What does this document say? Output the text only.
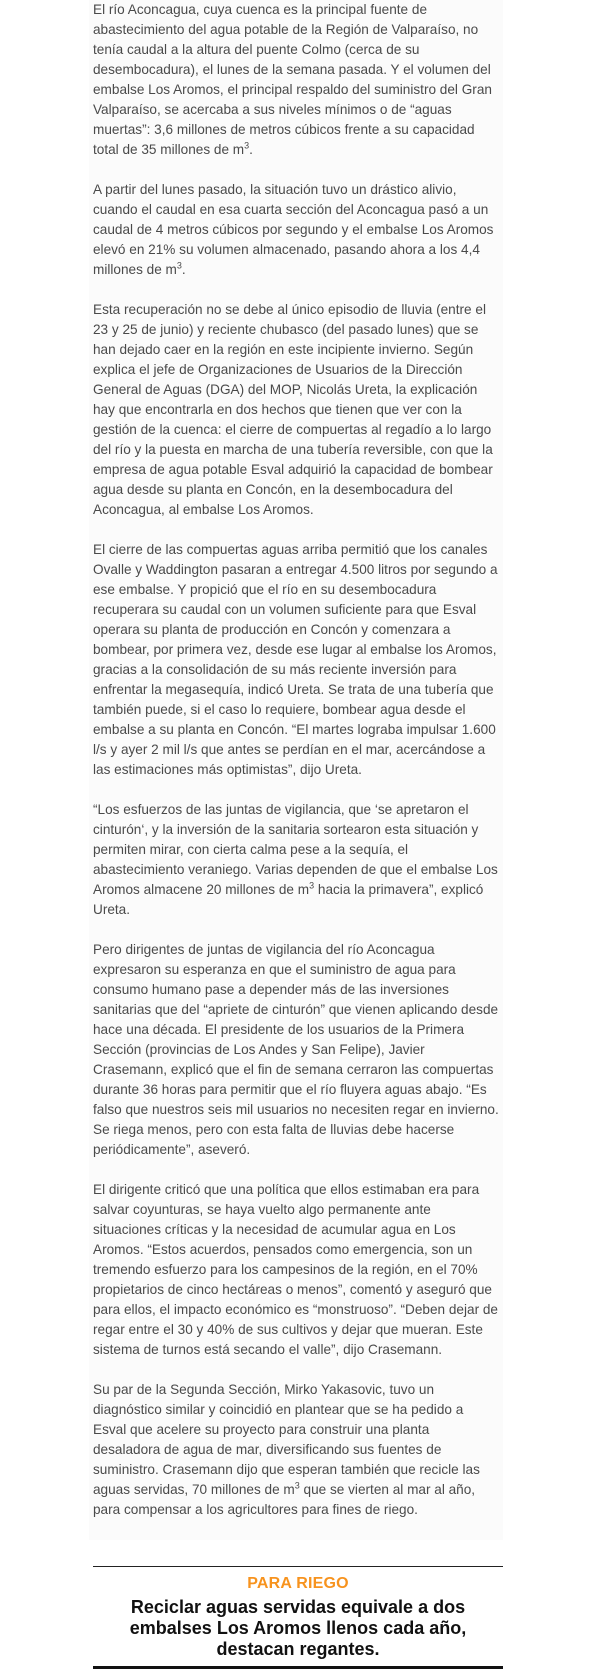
El río Aconcagua, cuya cuenca es la principal fuente de abastecimiento del agua potable de la Región de Valparaíso, no tenía caudal a la altura del puente Colmo (cerca de su desembocadura), el lunes de la semana pasada. Y el volumen del embalse Los Aromos, el principal respaldo del suministro del Gran Valparaíso, se acercaba a sus niveles mínimos o de “aguas muertas”: 3,6 millones de metros cúbicos frente a su capacidad total de 35 millones de $m^3$.

A partir del lunes pasado, la situación tuvo un drástico alivio, cuando el caudal en esa cuarta sección del Aconcagua pasó a un caudal de 4 metros cúbicos por segundo y el embalse Los Aromos elevó en 21% su volumen almacenado, pasando ahora a los 4,4 millones de $m^3$.

Esta recuperación no se debe al único episodio de lluvia (entre el 23 y 25 de junio) y reciente chubasco (del pasado lunes) que se han dejado caer en la región en este incipiente invierno. Según explica el jefe de Organizaciones de Usuarios de la Dirección General de Aguas (DGA) del MOP, Nicolás Ureta, la explicación hay que encontrarla en dos hechos que tienen que ver con la gestión de la cuenca: el cierre de compuertas al regadío a lo largo del río y la puesta en marcha de una tubería reversible, con que la empresa de agua potable Esval adquirió la capacidad de bombear agua desde su planta en Concón, en la desembocadura del Aconcagua, al embalse Los Aromos.

El cierre de las compuertas aguas arriba permitió que los canales Ovalle y Waddington pasaran a entregar 4.500 litros por segundo a ese embalse. Y propició que el río en su desembocadura recuperara su caudal con un volumen suficiente para que Esval operara su planta de producción en Concón y comenzara a bombear, por primera vez, desde ese lugar al embalse los Aromos, gracias a la consolidación de su más reciente inversión para enfrentar la megasequía, indicó Ureta. Se trata de una tubería que también puede, si el caso lo requiere, bombear agua desde el embalse a su planta en Concón. “El martes lograba impulsar 1.600 l/s y ayer 2 mil l/s que antes se perdían en el mar, acercándose a las estimaciones más optimistas”, dijo Ureta.

“Los esfuerzos de las juntas de vigilancia, que ‘se apretaron el cinturón‘, y la inversión de la sanitaria sortearon esta situación y permiten mirar, con cierta calma pese a la sequía, el abastecimiento veraniego. Varias dependen de que el embalse Los Aromos almacene 20 millones de $m^3$ hacia la primavera”, explicó Ureta.

Pero dirigentes de juntas de vigilancia del río Aconcagua expresaron su esperanza en que el suministro de agua para consumo humano pase a depender más de las inversiones sanitarias que del “apriete de cinturón” que vienen aplicando desde hace una década. El presidente de los usuarios de la Primera Sección (provincias de Los Andes y San Felipe), Javier Crasemann, explicó que el fin de semana cerraron las compuertas durante 36 horas para permitir que el río fluyera aguas abajo. “Es falso que nuestros seis mil usuarios no necesiten regar en invierno. Se riega menos, pero con esta falta de lluvias debe hacerse periódicamente”, aseveró.

El dirigente criticó que una política que ellos estimaban era para salvar coyunturas, se haya vuelto algo permanente ante situaciones críticas y la necesidad de acumular agua en Los Aromos. “Estos acuerdos, pensados como emergencia, son un tremendo esfuerzo para los campesinos de la región, en el 70% propietarios de cinco hectáreas o menos”, comentó y aseguró que para ellos, el impacto económico es “monstruoso”. “Deben dejar de regar entre el 30 y 40% de sus cultivos y dejar que mueran. Este sistema de turnos está secando el valle”, dijo Crasemann.

Su par de la Segunda Sección, Mirko Yakasovic, tuvo un diagnóstico similar y coincidió en plantear que se ha pedido a Esval que acelere su proyecto para construir una planta desaladora de agua de mar, diversificando sus fuentes de suministro. Crasemann dijo que esperan también que recicle las aguas servidas, 70 millones de $m^3$ que se vierten al mar al año, para compensar a los agricultores para fines de riego.

PARA RIEGO
Reciclar aguas servidas equivale a dos embalses Los Aromos llenos cada año, destacan regantes.
